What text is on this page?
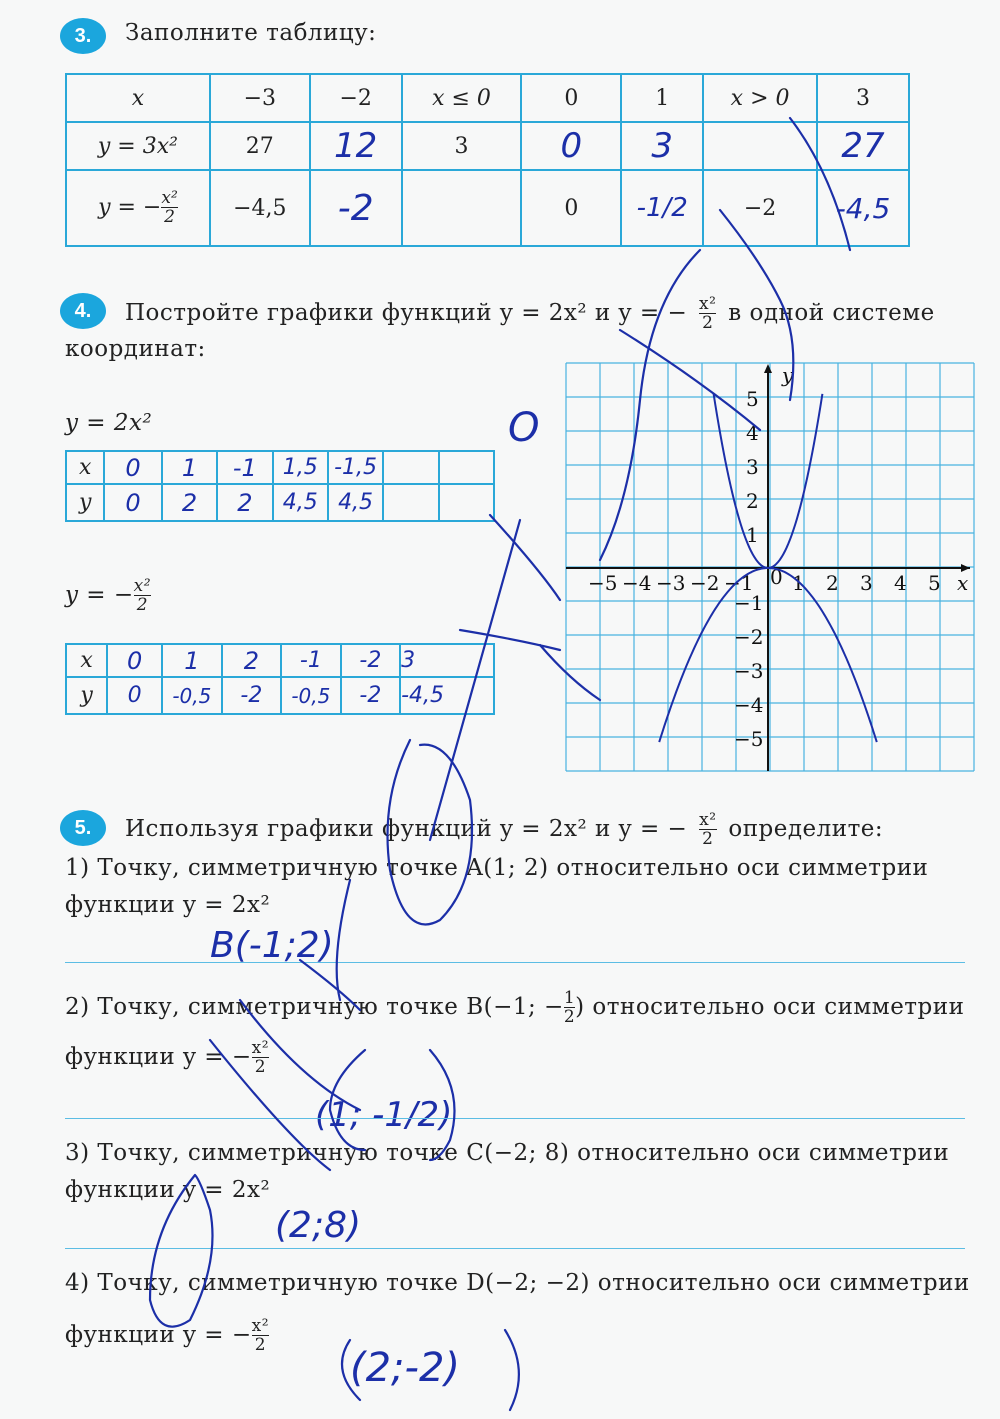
3.	Заполните таблицу:
x	−3	−2	x ≤ 0	0	1	x > 0	3
y = 3x²	27	12	3	0	3		27
y = − $\frac{\text{x²}}{2}$	−4,5	-2		0	-1/2	−2	-4,5
4.	Постройте графики функций y = 2x² и y = − $\frac{\text{x²}}{2}$ в одной системе
координат:
y = 2x²
x	0	1	-1	1,5	-1,5		
y	0	2	2	4,5	4,5		
y = − $\frac{\text{x²}}{2}$
x	0	1	2	-1	-2	3
y	0	-0,5	-2	-0,5	-2	-4,5
O
−5 −4 −3 −2 −1 1 2 3 4 5
0
5
4
3
2
1
−1
−2
−3
−4
−5
x
y
5.	Используя графики функций y = 2x² и y = − $\frac{\text{x²}}{2}$ определите:
1) Точку, симметричную точке A(1; 2) относительно оси симметрии
функции y = 2x²
B(-1;2)
2) Точку, симметричную точке B(−1; − $\frac{1}{2}$ ) относительно оси симметрии
функции y = − $\frac{\text{x²}}{2}$
(1; -1/2)
3) Точку, симметричную точке C(−2; 8) относительно оси симметрии
функции y = 2x²
(2;8)
4) Точку, симметричную точке D(−2; −2) относительно оси симметрии
функции y = − $\frac{\text{x²}}{2}$
(2;-2)
